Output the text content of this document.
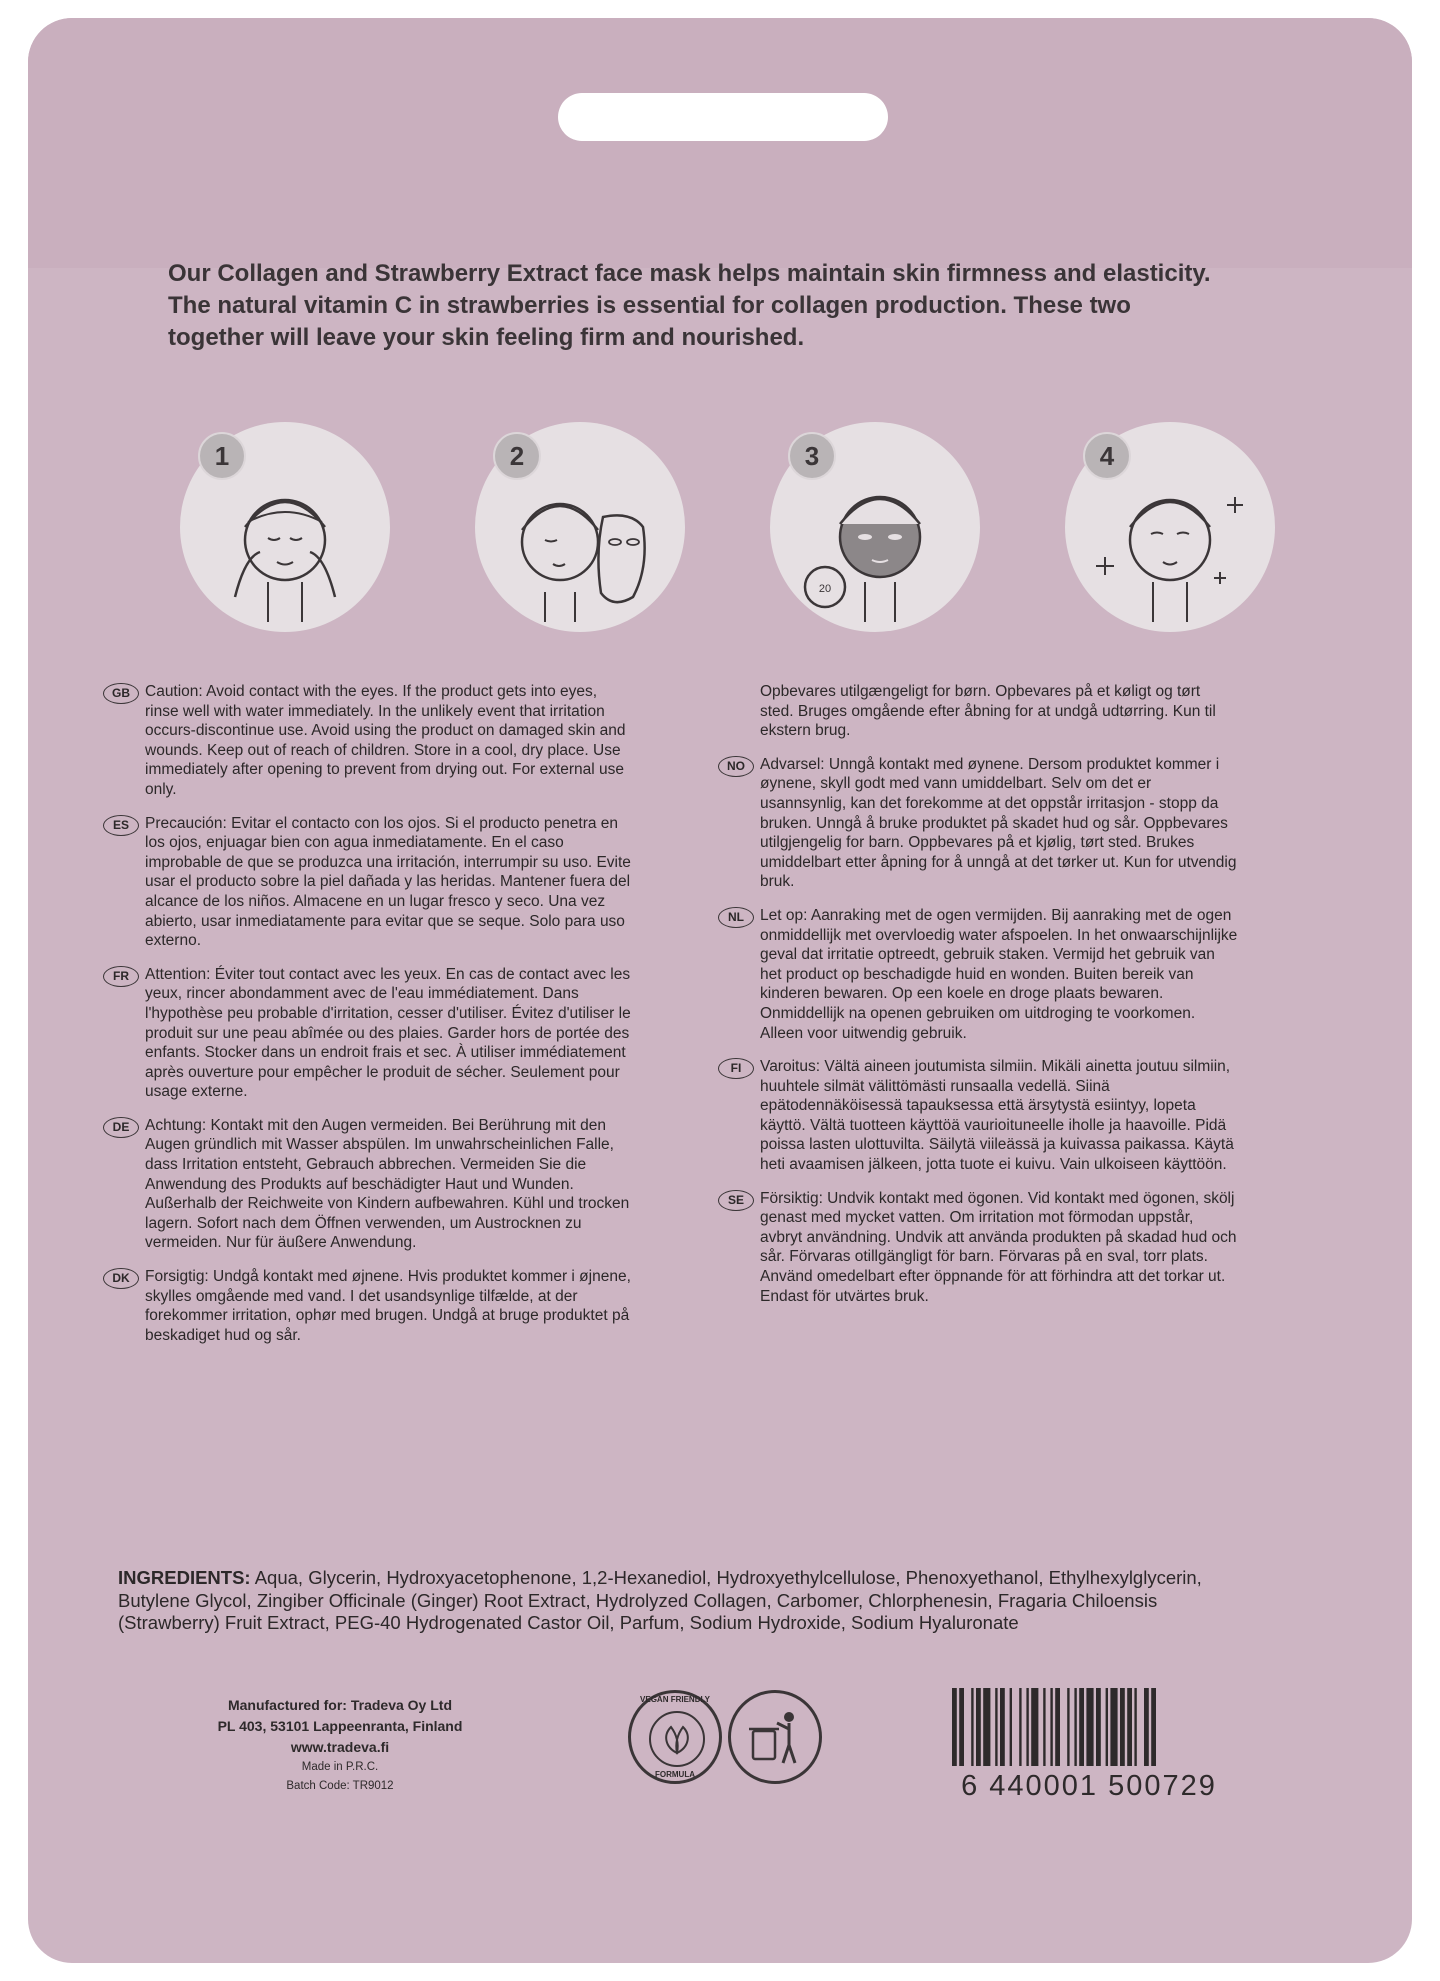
Our Collagen and Strawberry Extract face mask helps maintain skin firmness and elasticity. The natural vitamin C in strawberries is essential for collagen production. These two together will leave your skin feeling firm and nourished.
1	2
20
3	4
GB Caution: Avoid contact with the eyes. If the product gets into eyes, rinse well with water immediately. In the unlikely event that irritation occurs-discontinue use. Avoid using the product on damaged skin and wounds. Keep out of reach of children. Store in a cool, dry place. Use immediately after opening to prevent from drying out. For external use only.
ES	Precaución: Evitar el contacto con los ojos. Si el producto penetra en los ojos, enjuagar bien con agua inmediatamente. En el caso improbable de que se produzca una irritación, interrumpir su uso. Evite usar el producto sobre la piel dañada y las heridas. Mantener fuera del alcance de los niños. Almacene en un lugar fresco y seco. Una vez abierto, usar inmediatamente para evitar que se seque. Solo para uso externo.
FR	Attention: Éviter tout contact avec les yeux. En cas de contact avec les yeux, rincer abondamment avec de l'eau immédiatement. Dans l'hypothèse peu probable d'irritation, cesser d'utiliser. Évitez d'utiliser le produit sur une peau abîmée ou des plaies. Garder hors de portée des enfants. Stocker dans un endroit frais et sec. À utiliser immédiatement après ouverture pour empêcher le produit de sécher. Seulement pour usage externe.
DE	Achtung: Kontakt mit den Augen vermeiden. Bei Berührung mit den Augen gründlich mit Wasser abspülen. Im unwahrscheinlichen Falle, dass Irritation entsteht, Gebrauch abbrechen. Vermeiden Sie die Anwendung des Produkts auf beschädigter Haut und Wunden. Außerhalb der Reichweite von Kindern aufbewahren. Kühl und trocken lagern. Sofort nach dem Öffnen verwenden, um Austrocknen zu vermeiden. Nur für äußere Anwendung.
DK Forsigtig: Undgå kontakt med øjnene. Hvis produktet kommer i øjnene, skylles omgående med vand. I det usandsynlige tilfælde, at der forekommer irritation, ophør med brugen. Undgå at bruge produktet på beskadiget hud og sår.
Opbevares utilgængeligt for børn. Opbevares på et køligt og tørt sted. Bruges omgående efter åbning for at undgå udtørring. Kun til ekstern brug.
NO Advarsel: Unngå kontakt med øynene. Dersom produktet kommer i øynene, skyll godt med vann umiddelbart. Selv om det er usannsynlig, kan det forekomme at det oppstår irritasjon - stopp da bruken. Unngå å bruke produktet på skadet hud og sår. Oppbevares utilgjengelig for barn. Oppbevares på et kjølig, tørt sted. Brukes umiddelbart etter åpning for å unngå at det tørker ut. Kun for utvendig bruk.
NL	Let op: Aanraking met de ogen vermijden. Bij aanraking met de ogen onmiddellijk met overvloedig water afspoelen. In het onwaarschijnlijke geval dat irritatie optreedt, gebruik staken. Vermijd het gebruik van het product op beschadigde huid en wonden. Buiten bereik van kinderen bewaren. Op een koele en droge plaats bewaren. Onmiddellijk na openen gebruiken om uitdroging te voorkomen. Alleen voor uitwendig gebruik.
FI	Varoitus: Vältä aineen joutumista silmiin. Mikäli ainetta joutuu silmiin, huuhtele silmät välittömästi runsaalla vedellä. Siinä epätodennäköisessä tapauksessa että ärsytystä esiintyy, lopeta käyttö. Vältä tuotteen käyttöä vaurioituneelle iholle ja haavoille. Pidä poissa lasten ulottuvilta. Säilytä viileässä ja kuivassa paikassa. Käytä heti avaamisen jälkeen, jotta tuote ei kuivu. Vain ulkoiseen käyttöön.
SE	Försiktig: Undvik kontakt med ögonen. Vid kontakt med ögonen, skölj genast med mycket vatten. Om irritation mot förmodan uppstår, avbryt användning. Undvik att använda produkten på skadad hud och sår. Förvaras otillgängligt för barn. Förvaras på en sval, torr plats. Använd omedelbart efter öppnande för att förhindra att det torkar ut. Endast för utvärtes bruk.
INGREDIENTS: Aqua, Glycerin, Hydroxyacetophenone, 1,2-Hexanediol, Hydroxyethylcellulose, Phenoxyethanol, Ethylhexylglycerin, Butylene Glycol, Zingiber Officinale (Ginger) Root Extract, Hydrolyzed Collagen, Carbomer, Chlorphenesin, Fragaria Chiloensis (Strawberry) Fruit Extract, PEG-40 Hydrogenated Castor Oil, Parfum, Sodium Hydroxide, Sodium Hyaluronate
Manufactured for: Tradeva Oy Ltd
PL 403, 53101 Lappeenranta, Finland
www.tradeva.fi
Made in P.R.C.
Batch Code: TR9012
VEGAN FRIENDLY
FORMULA	6 440001 500729
